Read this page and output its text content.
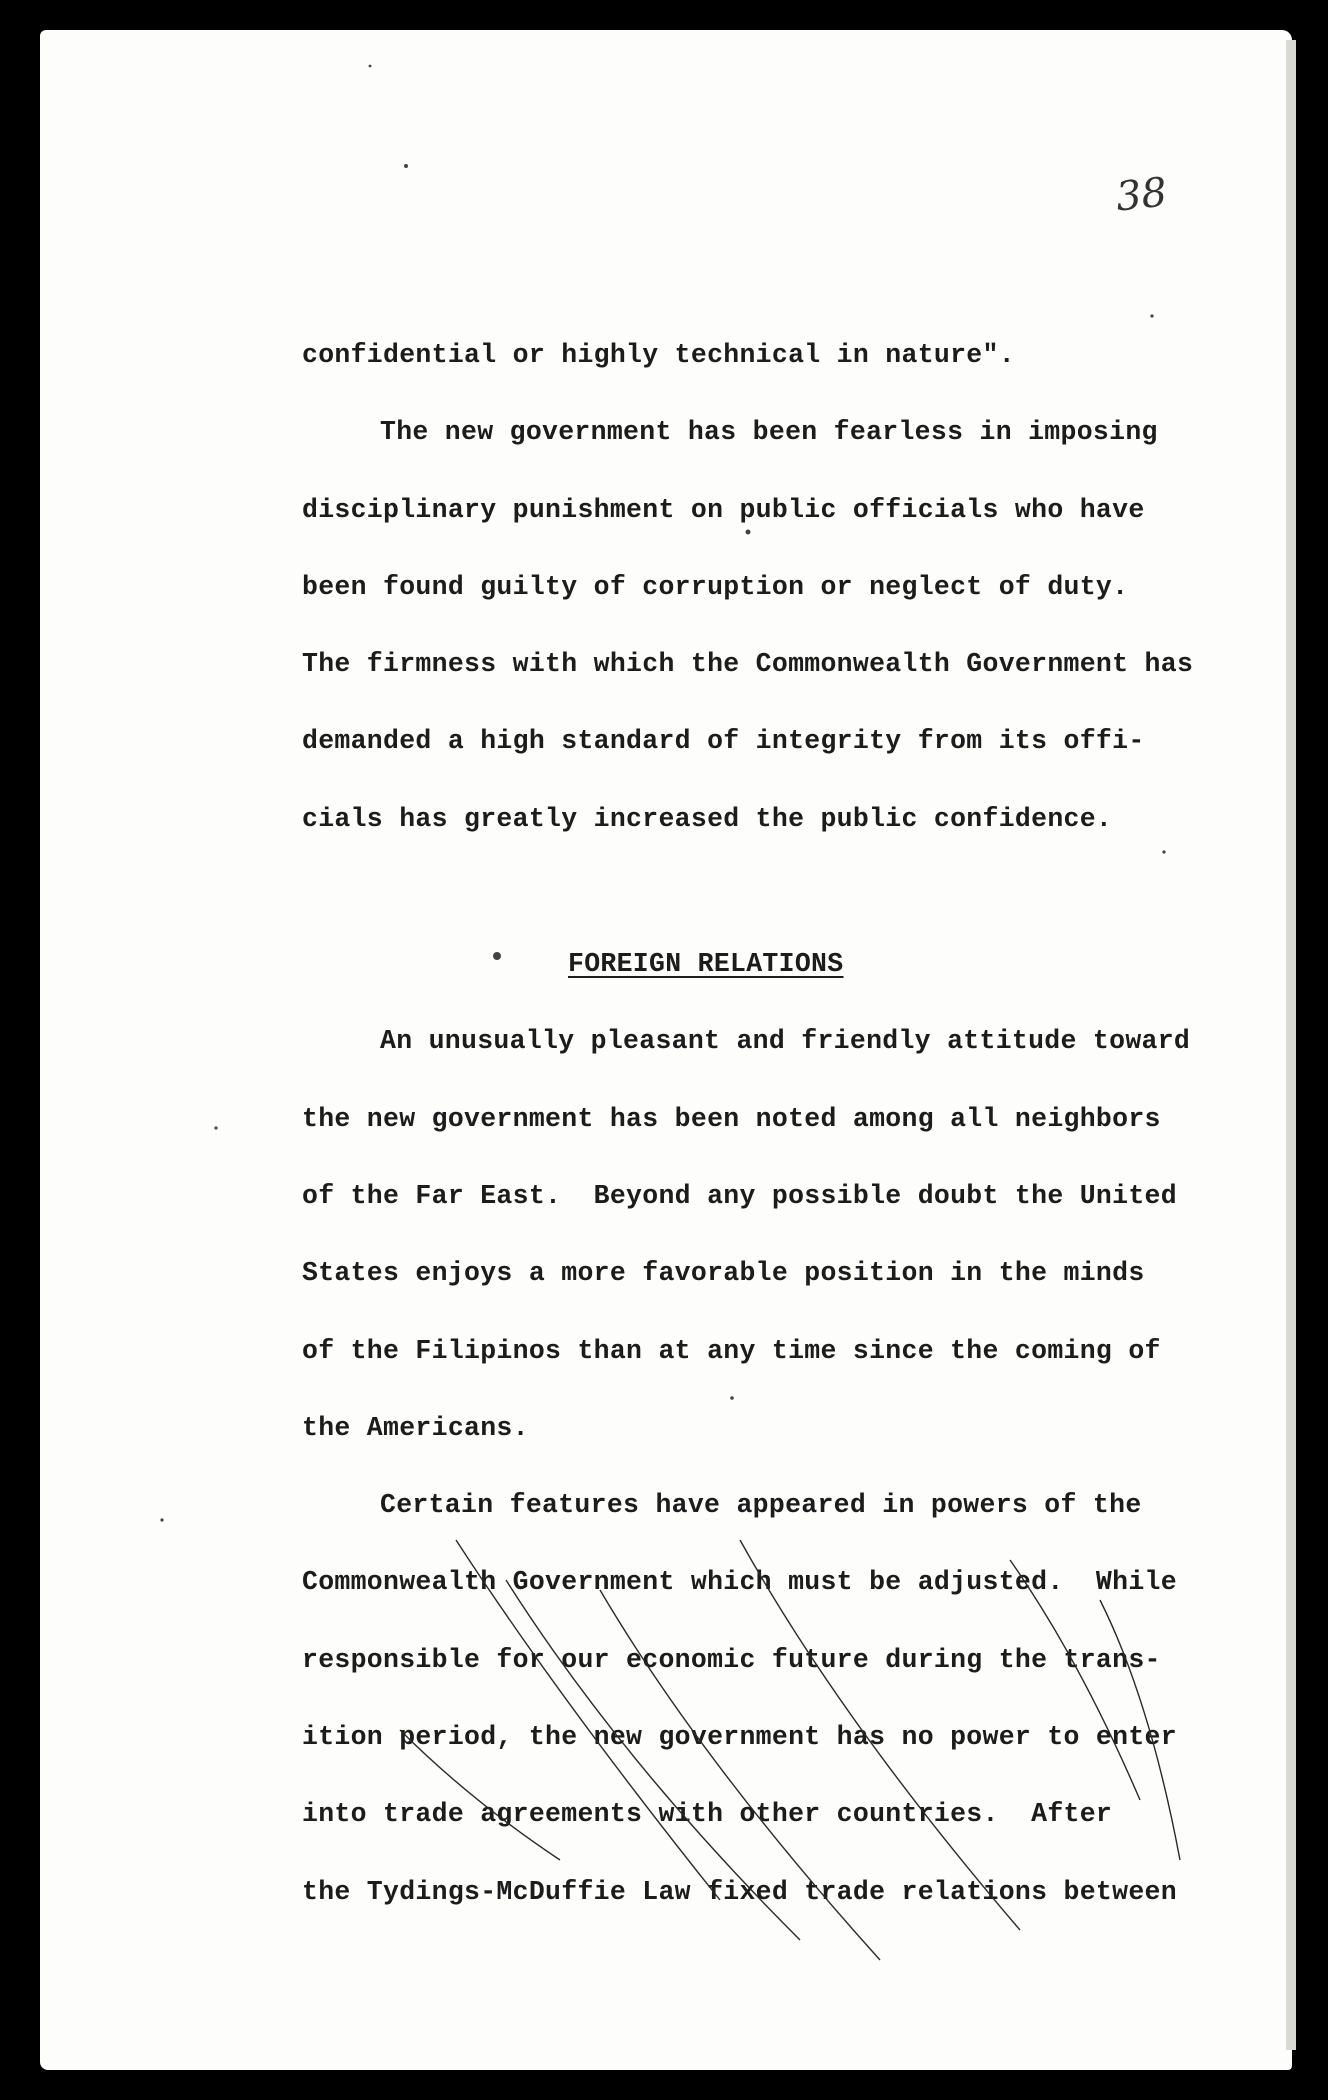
38
confidential or highly technical in nature".
The new government has been fearless in imposing
disciplinary punishment on public officials who have
been found guilty of corruption or neglect of duty.
The firmness with which the Commonwealth Government has
demanded a high standard of integrity from its offi-
cials has greatly increased the public confidence.
FOREIGN RELATIONS
An unusually pleasant and friendly attitude toward
the new government has been noted among all neighbors
of the Far East.  Beyond any possible doubt the United
States enjoys a more favorable position in the minds
of the Filipinos than at any time since the coming of
the Americans.
Certain features have appeared in powers of the
Commonwealth Government which must be adjusted.  While
responsible for our economic future during the trans-
ition period, the new government has no power to enter
into trade agreements with other countries.  After
the Tydings-McDuffie Law fixed trade relations between
